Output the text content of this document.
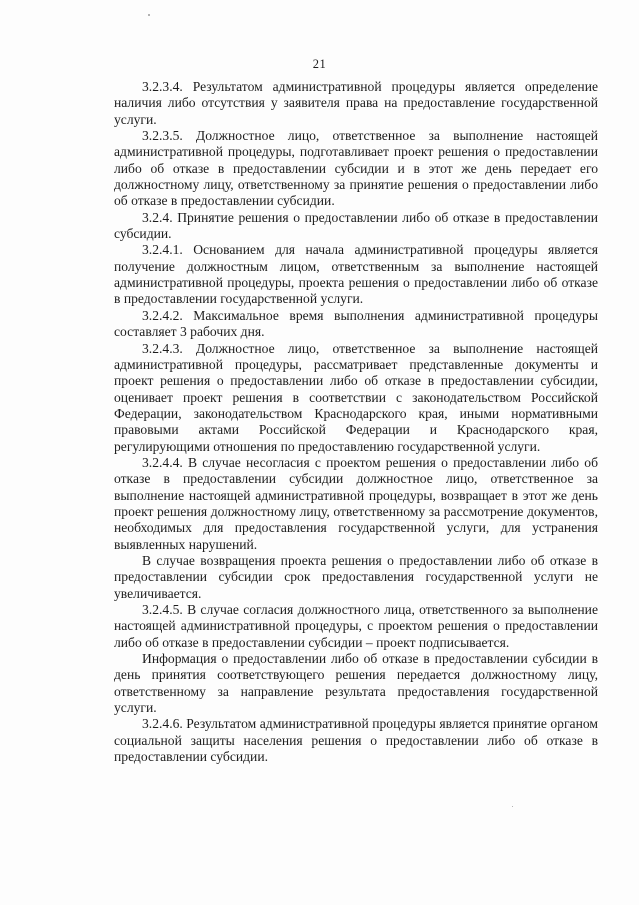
21

3.2.3.4. Результатом административной процедуры является определение наличия либо отсутствия у заявителя права на предоставление государственной услуги.

3.2.3.5. Должностное лицо, ответственное за выполнение настоящей административной процедуры, подготавливает проект решения о предоставлении либо об отказе в предоставлении субсидии и в этот же день передает его должностному лицу, ответственному за принятие решения о предоставлении либо об отказе в предоставлении субсидии.

3.2.4. Принятие решения о предоставлении либо об отказе в предоставлении субсидии.

3.2.4.1. Основанием для начала административной процедуры является получение должностным лицом, ответственным за выполнение настоящей административной процедуры, проекта решения о предоставлении либо об отказе в предоставлении государственной услуги.

3.2.4.2. Максимальное время выполнения административной процедуры составляет 3 рабочих дня.

3.2.4.3. Должностное лицо, ответственное за выполнение настоящей административной процедуры, рассматривает представленные документы и проект решения о предоставлении либо об отказе в предоставлении субсидии, оценивает проект решения в соответствии с законодательством Российской Федерации, законодательством Краснодарского края, иными нормативными правовыми актами Российской Федерации и Краснодарского края, регулирующими отношения по предоставлению государственной услуги.

3.2.4.4. В случае несогласия с проектом решения о предоставлении либо об отказе в предоставлении субсидии должностное лицо, ответственное за выполнение настоящей административной процедуры, возвращает в этот же день проект решения должностному лицу, ответственному за рассмотрение документов, необходимых для предоставления государственной услуги, для устранения выявленных нарушений.

В случае возвращения проекта решения о предоставлении либо об отказе в предоставлении субсидии срок предоставления государственной услуги не увеличивается.

3.2.4.5. В случае согласия должностного лица, ответственного за выполнение настоящей административной процедуры, с проектом решения о предоставлении либо об отказе в предоставлении субсидии – проект подписывается.

Информация о предоставлении либо об отказе в предоставлении субсидии в день принятия соответствующего решения передается должностному лицу, ответственному за направление результата предоставления государственной услуги.

3.2.4.6. Результатом административной процедуры является принятие органом социальной защиты населения решения о предоставлении либо об отказе в предоставлении субсидии.
